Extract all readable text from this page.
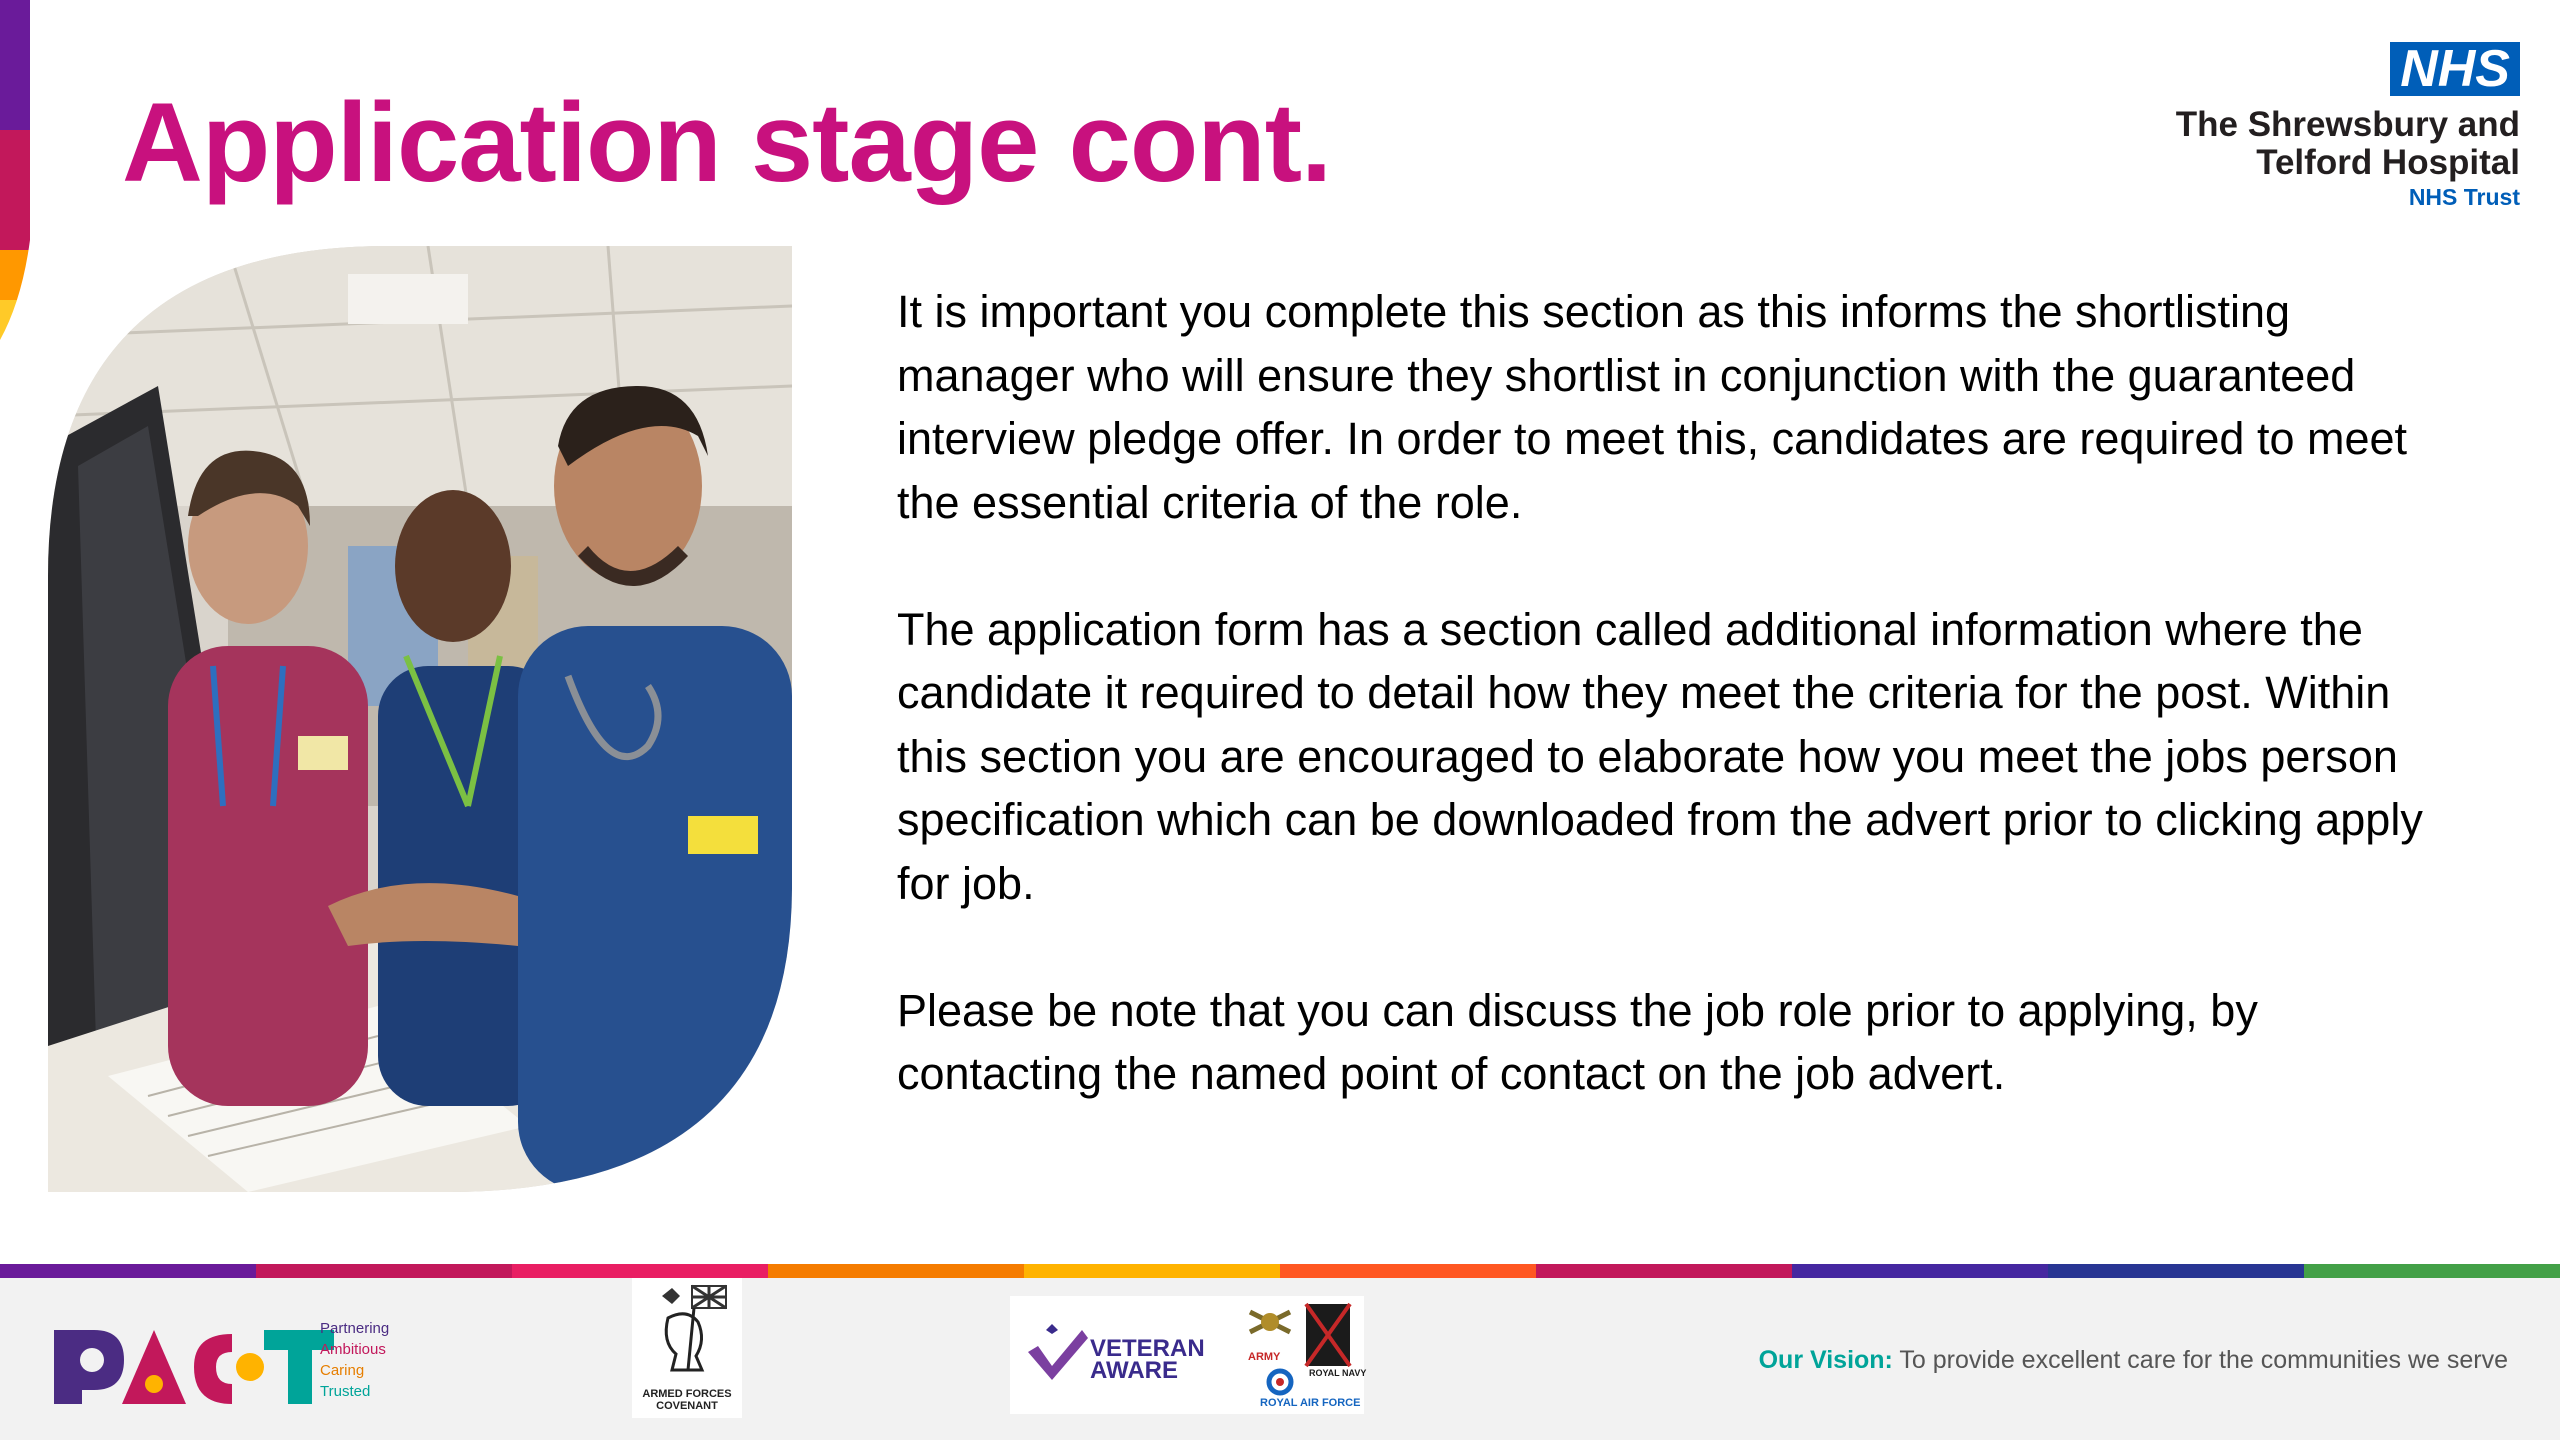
Application stage cont.
NHS
The Shrewsbury and
Telford Hospital
NHS Trust

It is important you complete this section as this informs the shortlisting manager who will ensure they shortlist in conjunction with the guaranteed interview pledge offer. In order to meet this, candidates are required to meet the essential criteria of the role.

The application form has a section called additional information where the candidate it required to detail how they meet the criteria for the post. Within this section you are encouraged to elaborate how you meet the jobs person specification which can be downloaded from the advert prior to clicking apply for job.

Please be note that you can discuss the job role prior to applying, by contacting the named point of contact on the job advert.

Partnering
Ambitious
Caring
Trusted	ARMED FORCES
COVENANT
VETERAN
AWARE	ARMY
ROYAL NAVY
ROYAL AIR FORCE
Our Vision: To provide excellent care for the communities we serve
